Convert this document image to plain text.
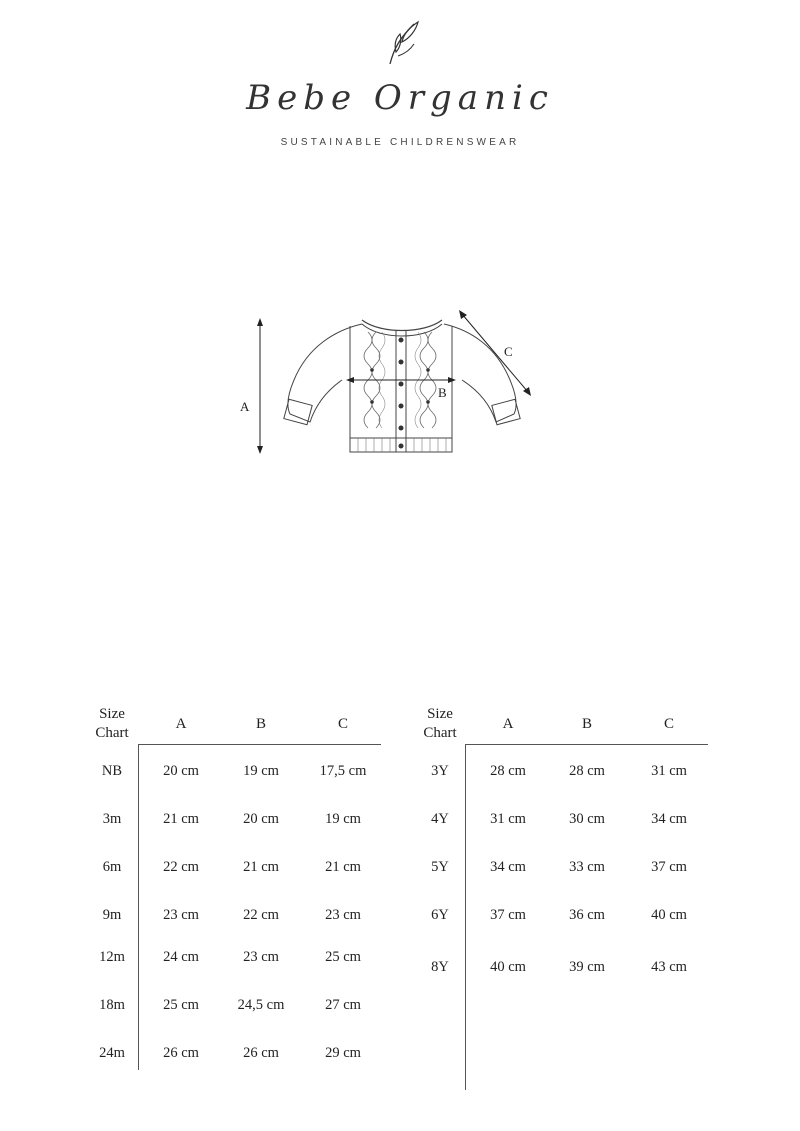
Bebe Organic
SUSTAINABLE CHILDRENSWEAR
A
B
C
Size
Chart
A	B	C
NB	20 cm	19 cm	17,5 cm
3m	21 cm	20 cm	19 cm
6m	22 cm	21 cm	21 cm
9m	23 cm	22 cm	23 cm
12m	24 cm	23 cm	25 cm
18m	25 cm	24,5 cm	27 cm
24m	26 cm	26 cm	29 cm
Size
Chart
A	B	C
3Y	28 cm	28 cm	31 cm
4Y	31 cm	30 cm	34 cm
5Y	34 cm	33 cm	37 cm
6Y	37 cm	36 cm	40 cm
8Y	40 cm	39 cm	43 cm
